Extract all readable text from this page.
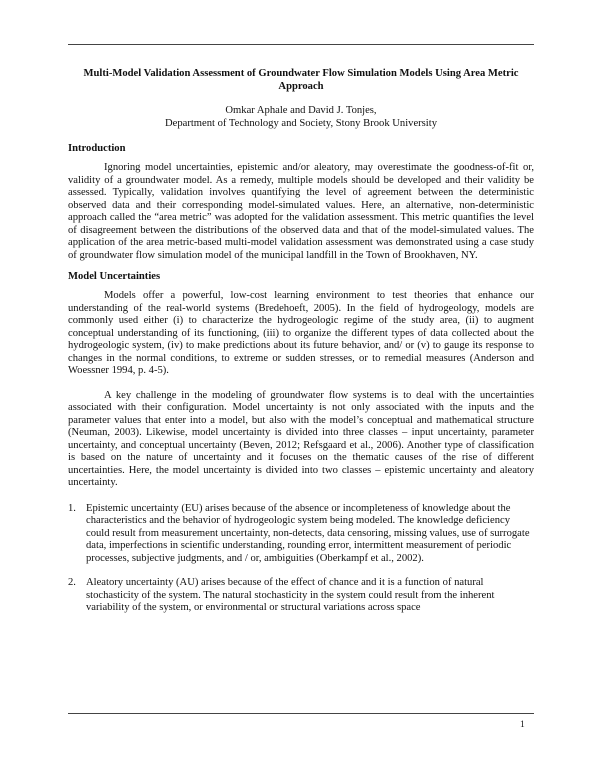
Multi-Model Validation Assessment of Groundwater Flow Simulation Models Using Area Metric Approach
Omkar Aphale and David J. Tonjes,
Department of Technology and Society, Stony Brook University
Introduction

Ignoring model uncertainties, epistemic and/or aleatory, may overestimate the goodness-of-fit or, validity of a groundwater model. As a remedy, multiple models should be developed and their validity be assessed. Typically, validation involves quantifying the level of agreement between the deterministic observed data and their corresponding model-simulated values. Here, an alternative, non-deterministic approach called the “area metric” was adopted for the validation assessment. This metric quantifies the level of disagreement between the distributions of the observed data and that of the model-simulated values. The application of the area metric-based multi-model validation assessment was demonstrated using a case study of groundwater flow simulation model of the municipal landfill in the Town of Brookhaven, NY.

Model Uncertainties

Models offer a powerful, low-cost learning environment to test theories that enhance our understanding of the real-world systems (Bredehoeft, 2005). In the field of hydrogeology, models are commonly used either (i) to characterize the hydrogeologic regime of the study area, (ii) to augment conceptual understanding of its functioning, (iii) to organize the different types of data collected about the hydrogeologic system, (iv) to make predictions about its future behavior, and/ or (v) to gauge its response to changes in the normal conditions, to extreme or sudden stresses, or to remedial measures (Anderson and Woessner 1994, p. 4-5).

A key challenge in the modeling of groundwater flow systems is to deal with the uncertainties associated with their configuration. Model uncertainty is not only associated with the inputs and the parameter values that enter into a model, but also with the model’s conceptual and mathematical structure (Neuman, 2003). Likewise, model uncertainty is divided into three classes – input uncertainty, parameter uncertainty, and conceptual uncertainty (Beven, 2012; Refsgaard et al., 2006). Another type of classification is based on the nature of uncertainty and it focuses on the thematic causes of the rise of different uncertainties. Here, the model uncertainty is divided into two classes – epistemic uncertainty and aleatory uncertainty.

1. Epistemic uncertainty (EU) arises because of the absence or incompleteness of knowledge about the characteristics and the behavior of hydrogeologic system being modeled. The knowledge deficiency could result from measurement uncertainty, non-detects, data censoring, missing values, use of surrogate data, imperfections in scientific understanding, rounding error, intermittent measurement of periodic processes, subjective judgments, and / or, ambiguities (Oberkampf et al., 2002).
2. Aleatory uncertainty (AU) arises because of the effect of chance and it is a function of natural stochasticity of the system. The natural stochasticity in the system could result from the inherent variability of the system, or environmental or structural variations across space
1
